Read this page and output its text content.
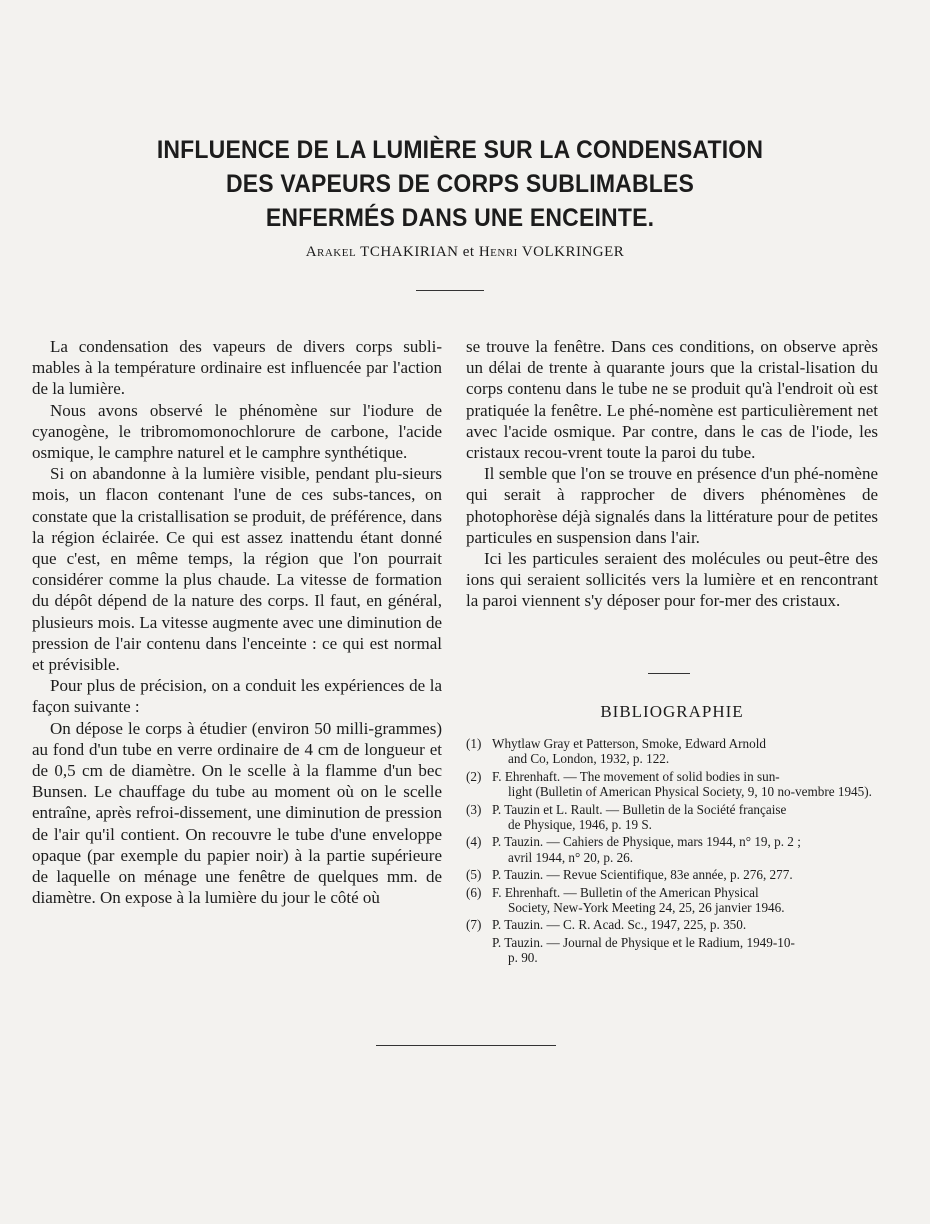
INFLUENCE DE LA LUMIÈRE SUR LA CONDENSATION
DES VAPEURS DE CORPS SUBLIMABLES
ENFERMÉS DANS UNE ENCEINTE.
Arakel TCHAKIRIAN et Henri VOLKRINGER

La condensation des vapeurs de divers corps subli-mables à la température ordinaire est influencée par l'action de la lumière.

Nous avons observé le phénomène sur l'iodure de cyanogène, le tribromomonochlorure de carbone, l'acide osmique, le camphre naturel et le camphre synthétique.

Si on abandonne à la lumière visible, pendant plu-sieurs mois, un flacon contenant l'une de ces subs-tances, on constate que la cristallisation se produit, de préférence, dans la région éclairée. Ce qui est assez inattendu étant donné que c'est, en même temps, la région que l'on pourrait considérer comme la plus chaude. La vitesse de formation du dépôt dépend de la nature des corps. Il faut, en général, plusieurs mois. La vitesse augmente avec une diminution de pression de l'air contenu dans l'enceinte : ce qui est normal et prévisible.

Pour plus de précision, on a conduit les expériences de la façon suivante :

On dépose le corps à étudier (environ 50 milli-grammes) au fond d'un tube en verre ordinaire de 4 cm de longueur et de 0,5 cm de diamètre. On le scelle à la flamme d'un bec Bunsen. Le chauffage du tube au moment où on le scelle entraîne, après refroi-dissement, une diminution de pression de l'air qu'il contient. On recouvre le tube d'une enveloppe opaque (par exemple du papier noir) à la partie supérieure de laquelle on ménage une fenêtre de quelques mm. de diamètre. On expose à la lumière du jour le côté où

se trouve la fenêtre. Dans ces conditions, on observe après un délai de trente à quarante jours que la cristal-lisation du corps contenu dans le tube ne se produit qu'à l'endroit où est pratiquée la fenêtre. Le phé-nomène est particulièrement net avec l'acide osmique. Par contre, dans le cas de l'iode, les cristaux recou-vrent toute la paroi du tube.

Il semble que l'on se trouve en présence d'un phé-nomène qui serait à rapprocher de divers phénomènes de photophorèse déjà signalés dans la littérature pour de petites particules en suspension dans l'air.

Ici les particules seraient des molécules ou peut-être des ions qui seraient sollicités vers la lumière et en rencontrant la paroi viennent s'y déposer pour for-mer des cristaux.

BIBLIOGRAPHIE
(1) Whytlaw Gray et Patterson, Smoke, Edward Arnold
and Co, London, 1932, p. 122.
(2) F. Ehrenhaft. — The movement of solid bodies in sun-
light (Bulletin of American Physical Society, 9, 10 no-vembre 1945).
(3) P. Tauzin et L. Rault. — Bulletin de la Société française
de Physique, 1946, p. 19 S.
(4) P. Tauzin. — Cahiers de Physique, mars 1944, n° 19, p. 2 ;
avril 1944, n° 20, p. 26.
(5) P. Tauzin. — Revue Scientifique, 83e année, p. 276, 277.
(6) F. Ehrenhaft. — Bulletin of the American Physical
Society, New-York Meeting 24, 25, 26 janvier 1946.
(7) P. Tauzin. — C. R. Acad. Sc., 1947, 225, p. 350.
P. Tauzin. — Journal de Physique et le Radium, 1949-10-
p. 90.
